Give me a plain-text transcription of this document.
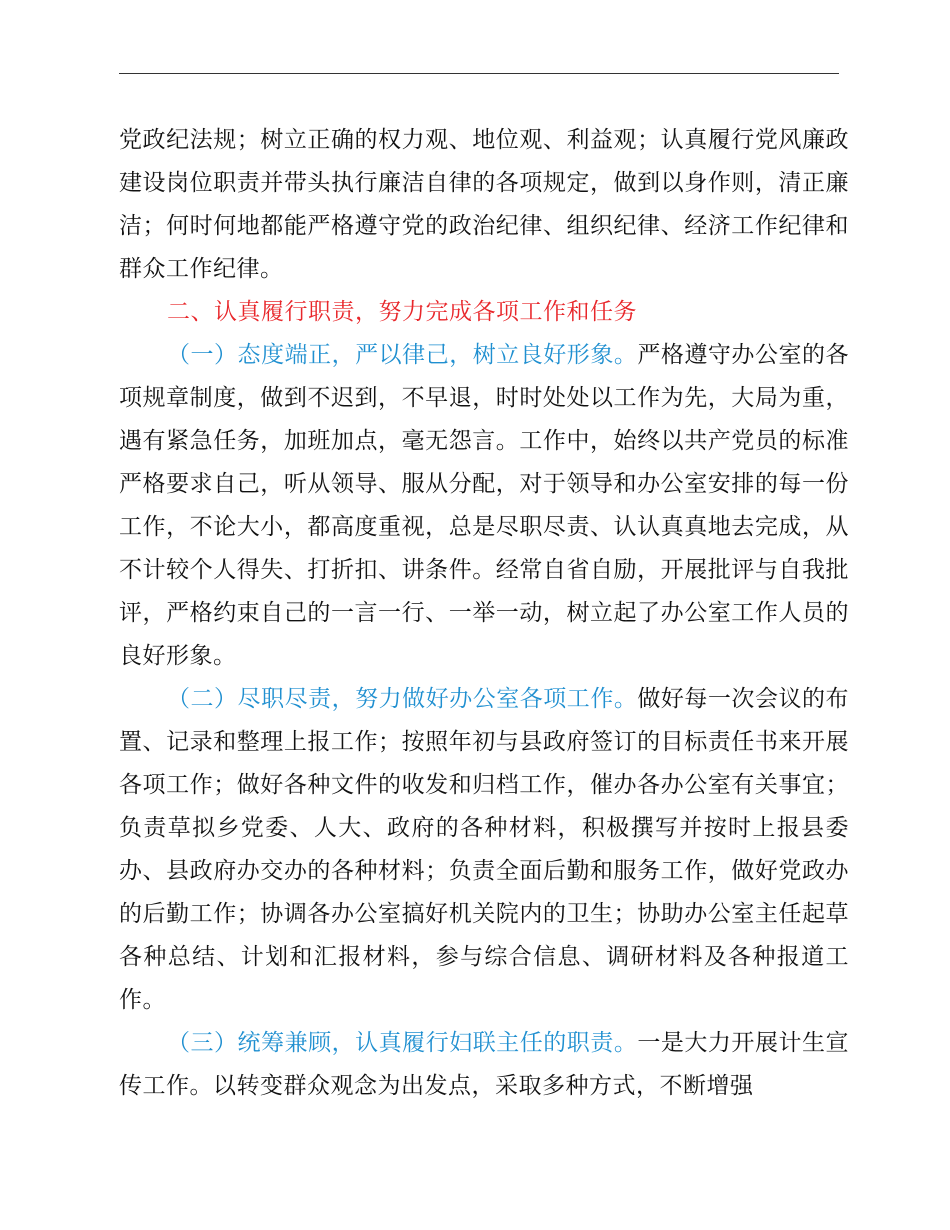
党政纪法规；树立正确的权力观、地位观、利益观；认真履行党风廉政建设岗位职责并带头执行廉洁自律的各项规定，做到以身作则，清正廉洁；何时何地都能严格遵守党的政治纪律、组织纪律、经济工作纪律和群众工作纪律。

二、认真履行职责，努力完成各项工作和任务

（一）态度端正，严以律己，树立良好形象。严格遵守办公室的各项规章制度，做到不迟到，不早退，时时处处以工作为先，大局为重，遇有紧急任务，加班加点，毫无怨言。工作中，始终以共产党员的标准严格要求自己，听从领导、服从分配，对于领导和办公室安排的每一份工作，不论大小，都高度重视，总是尽职尽责、认认真真地去完成，从不计较个人得失、打折扣、讲条件。经常自省自励，开展批评与自我批评，严格约束自己的一言一行、一举一动，树立起了办公室工作人员的良好形象。

（二）尽职尽责，努力做好办公室各项工作。做好每一次会议的布置、记录和整理上报工作；按照年初与县政府签订的目标责任书来开展各项工作；做好各种文件的收发和归档工作，催办各办公室有关事宜；负责草拟乡党委、人大、政府的各种材料，积极撰写并按时上报县委办、县政府办交办的各种材料；负责全面后勤和服务工作，做好党政办的后勤工作；协调各办公室搞好机关院内的卫生；协助办公室主任起草各种总结、计划和汇报材料，参与综合信息、调研材料及各种报道工作。

（三）统筹兼顾，认真履行妇联主任的职责。一是大力开展计生宣传工作。以转变群众观念为出发点，采取多种方式，不断增强
